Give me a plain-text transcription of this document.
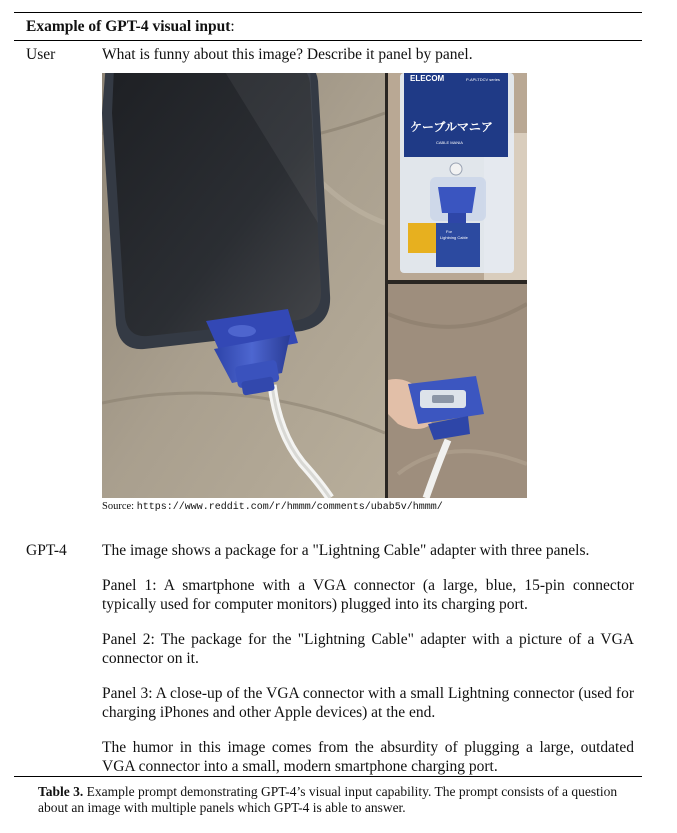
Example of GPT-4 visual input:

User	What is funny about this image? Describe it panel by panel.

ELECOM	P-APLTDCV series
ケーブルマニア
CABLE MANIA
For
Lightning Cable

Source: https://www.reddit.com/r/hmmm/comments/ubab5v/hmmm/

GPT-4 The image shows a package for a "Lightning Cable" adapter with three panels.

Panel 1: A smartphone with a VGA connector (a large, blue, 15-pin connector typically used for computer monitors) plugged into its charging port.

Panel 2: The package for the "Lightning Cable" adapter with a picture of a VGA connector on it.

Panel 3: A close-up of the VGA connector with a small Lightning connector (used for charging iPhones and other Apple devices) at the end.

The humor in this image comes from the absurdity of plugging a large, outdated VGA connector into a small, modern smartphone charging port.

Table 3. Example prompt demonstrating GPT-4’s visual input capability. The prompt consists of a question about an image with multiple panels which GPT-4 is able to answer.
